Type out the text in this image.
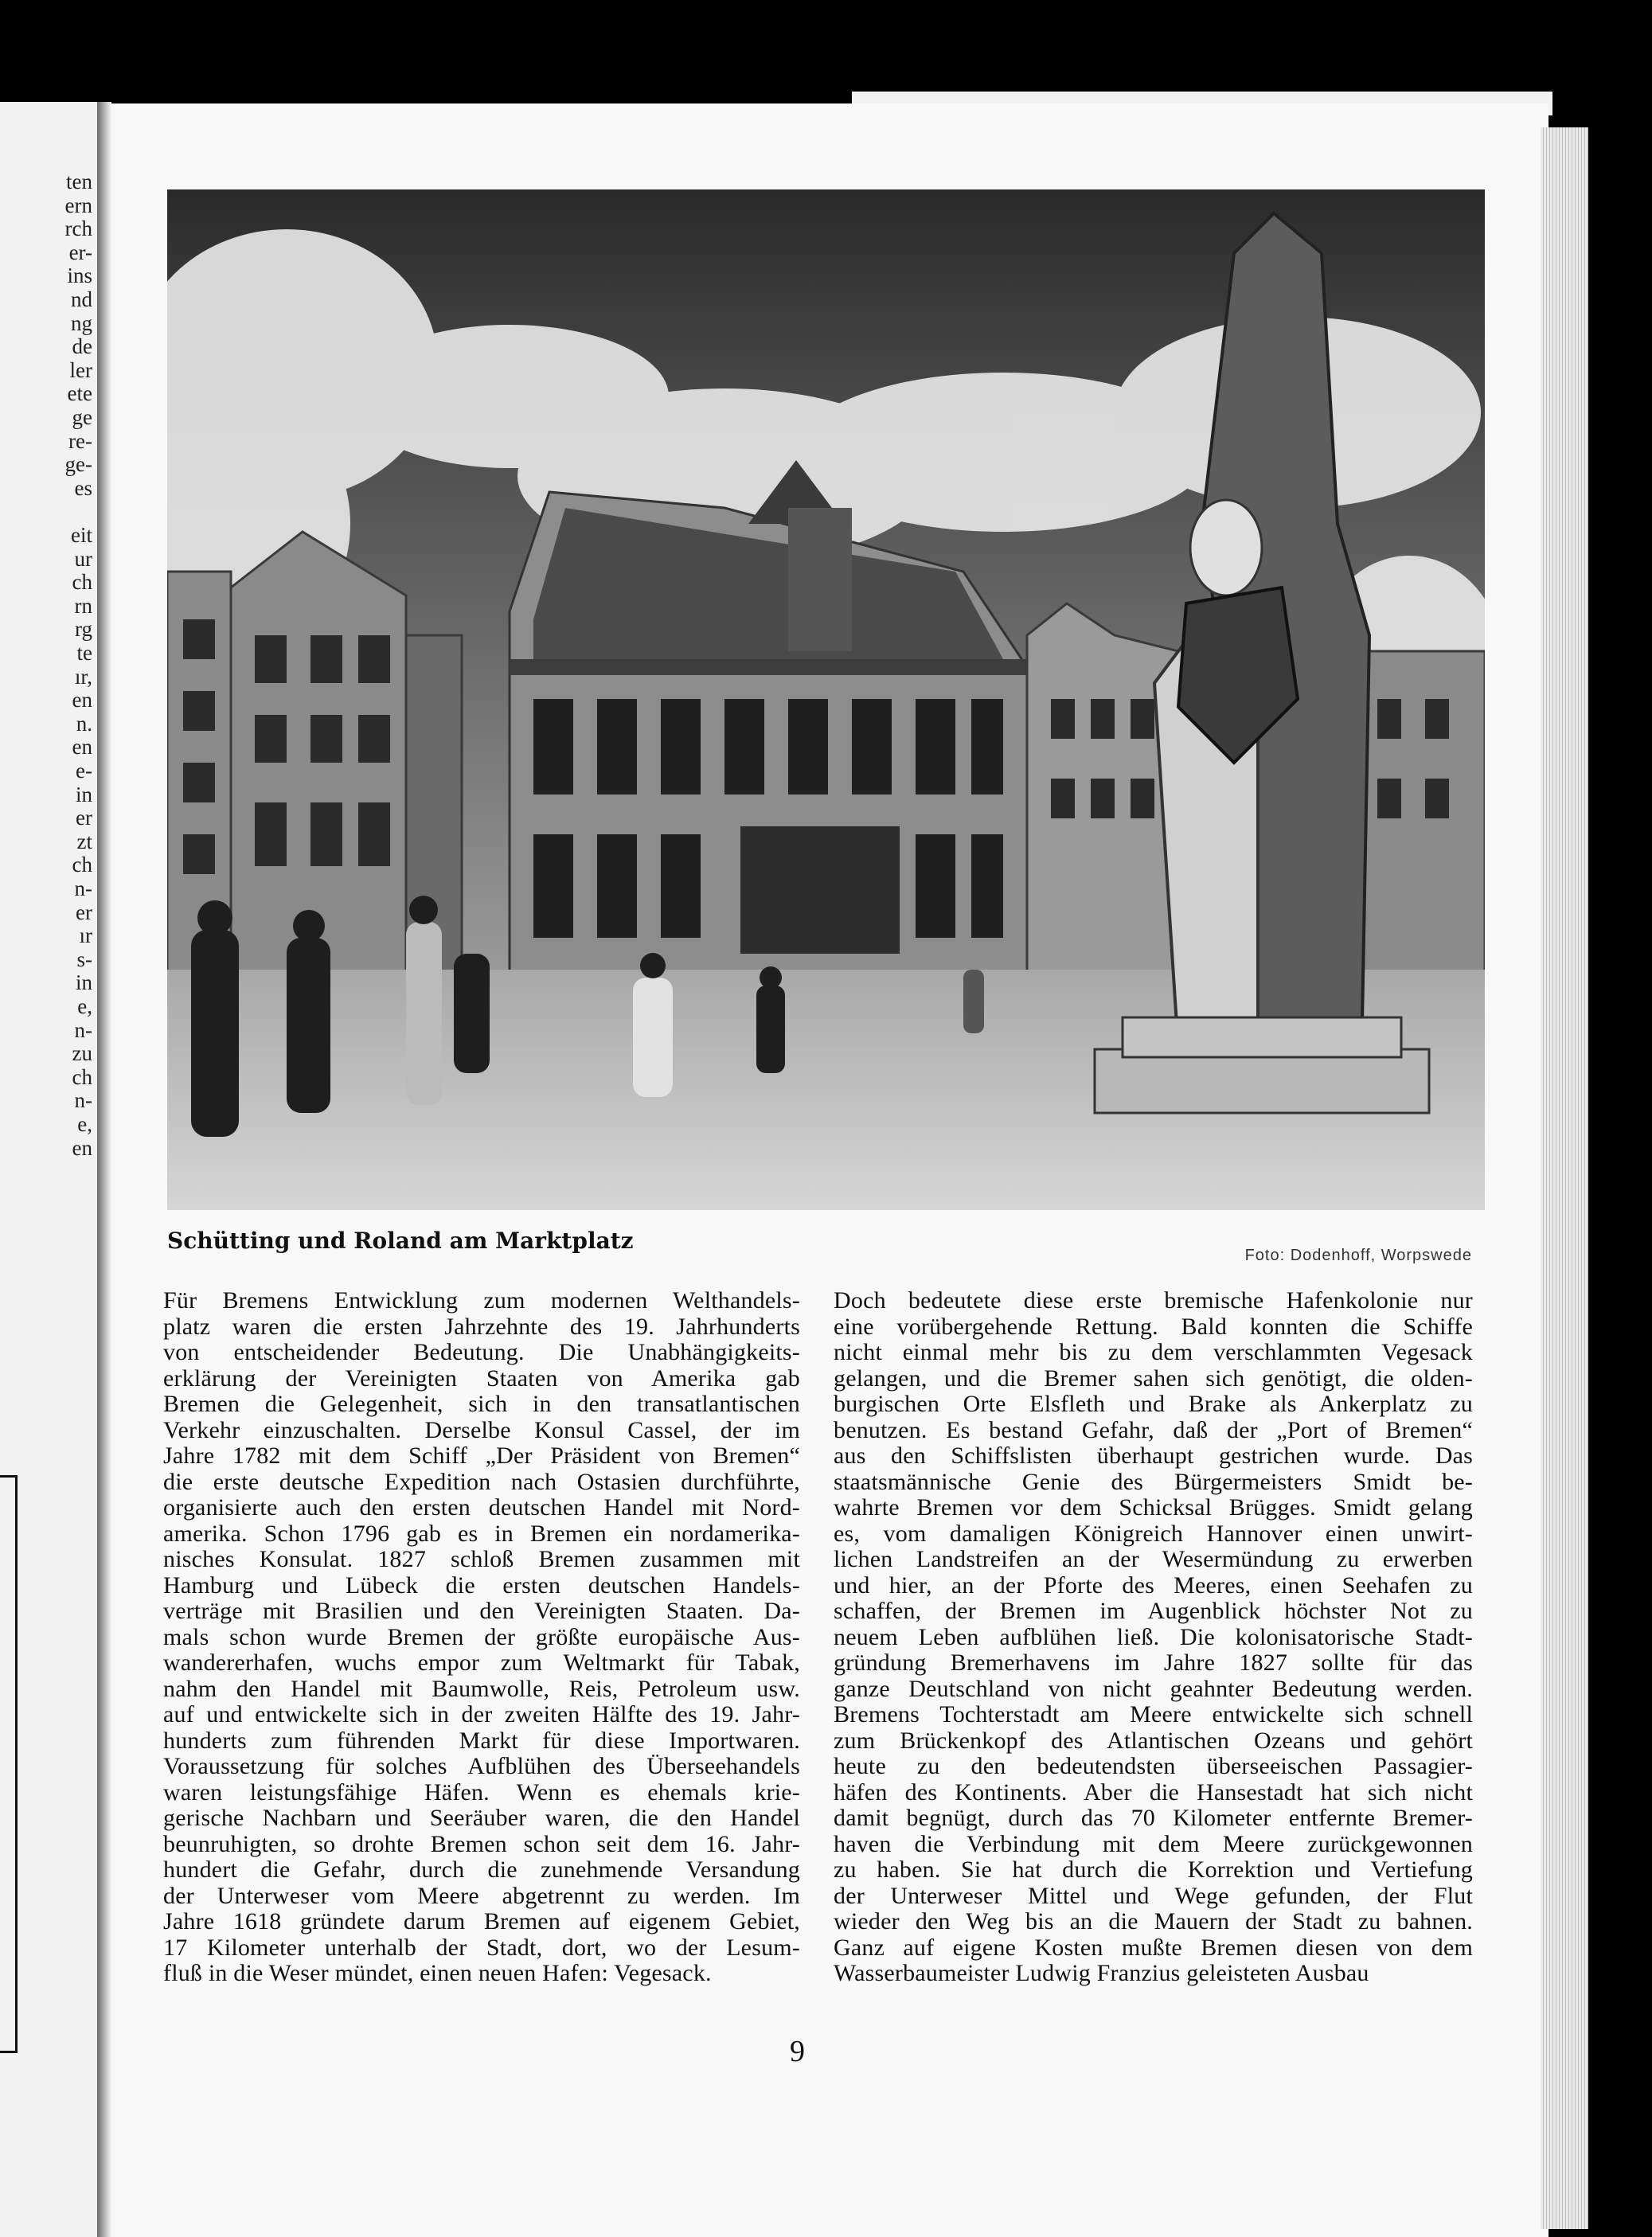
ten
ern
rch
er-
ins
nd
ng
de
ler
ete
ge
re-
ge-
es
eit
ur
ch
rn
rg
te
ır,
en
n.
en
e-
in
er
zt
ch
n-
er
ır
s-
in
e,
n-
zu
ch
n-
e,
en
Schütting und Roland am Marktplatz
Foto: Dodenhoff, Worpswede
Für Bremens Entwicklung zum modernen Welthandels-
platz waren die ersten Jahrzehnte des 19. Jahrhunderts
von entscheidender Bedeutung. Die Unabhängigkeits-
erklärung der Vereinigten Staaten von Amerika gab
Bremen die Gelegenheit, sich in den transatlantischen
Verkehr einzuschalten. Derselbe Konsul Cassel, der im
Jahre 1782 mit dem Schiff „Der Präsident von Bremen“
die erste deutsche Expedition nach Ostasien durchführte,
organisierte auch den ersten deutschen Handel mit Nord-
amerika. Schon 1796 gab es in Bremen ein nordamerika-
nisches Konsulat. 1827 schloß Bremen zusammen mit
Hamburg und Lübeck die ersten deutschen Handels-
verträge mit Brasilien und den Vereinigten Staaten. Da-
mals schon wurde Bremen der größte europäische Aus-
wandererhafen, wuchs empor zum Weltmarkt für Tabak,
nahm den Handel mit Baumwolle, Reis, Petroleum usw.
auf und entwickelte sich in der zweiten Hälfte des 19. Jahr-
hunderts zum führenden Markt für diese Importwaren.
Voraussetzung für solches Aufblühen des Überseehandels
waren leistungsfähige Häfen. Wenn es ehemals krie-
gerische Nachbarn und Seeräuber waren, die den Handel
beunruhigten, so drohte Bremen schon seit dem 16. Jahr-
hundert die Gefahr, durch die zunehmende Versandung
der Unterweser vom Meere abgetrennt zu werden. Im
Jahre 1618 gründete darum Bremen auf eigenem Gebiet,
17 Kilometer unterhalb der Stadt, dort, wo der Lesum-
fluß in die Weser mündet, einen neuen Hafen: Vegesack.
Doch bedeutete diese erste bremische Hafenkolonie nur
eine vorübergehende Rettung. Bald konnten die Schiffe
nicht einmal mehr bis zu dem verschlammten Vegesack
gelangen, und die Bremer sahen sich genötigt, die olden-
burgischen Orte Elsfleth und Brake als Ankerplatz zu
benutzen. Es bestand Gefahr, daß der „Port of Bremen“
aus den Schiffslisten überhaupt gestrichen wurde. Das
staatsmännische Genie des Bürgermeisters Smidt be-
wahrte Bremen vor dem Schicksal Brügges. Smidt gelang
es, vom damaligen Königreich Hannover einen unwirt-
lichen Landstreifen an der Wesermündung zu erwerben
und hier, an der Pforte des Meeres, einen Seehafen zu
schaffen, der Bremen im Augenblick höchster Not zu
neuem Leben aufblühen ließ. Die kolonisatorische Stadt-
gründung Bremerhavens im Jahre 1827 sollte für das
ganze Deutschland von nicht geahnter Bedeutung werden.
Bremens Tochterstadt am Meere entwickelte sich schnell
zum Brückenkopf des Atlantischen Ozeans und gehört
heute zu den bedeutendsten überseeischen Passagier-
häfen des Kontinents. Aber die Hansestadt hat sich nicht
damit begnügt, durch das 70 Kilometer entfernte Bremer-
haven die Verbindung mit dem Meere zurückgewonnen
zu haben. Sie hat durch die Korrektion und Vertiefung
der Unterweser Mittel und Wege gefunden, der Flut
wieder den Weg bis an die Mauern der Stadt zu bahnen.
Ganz auf eigene Kosten mußte Bremen diesen von dem
Wasserbaumeister Ludwig Franzius geleisteten Ausbau
9
